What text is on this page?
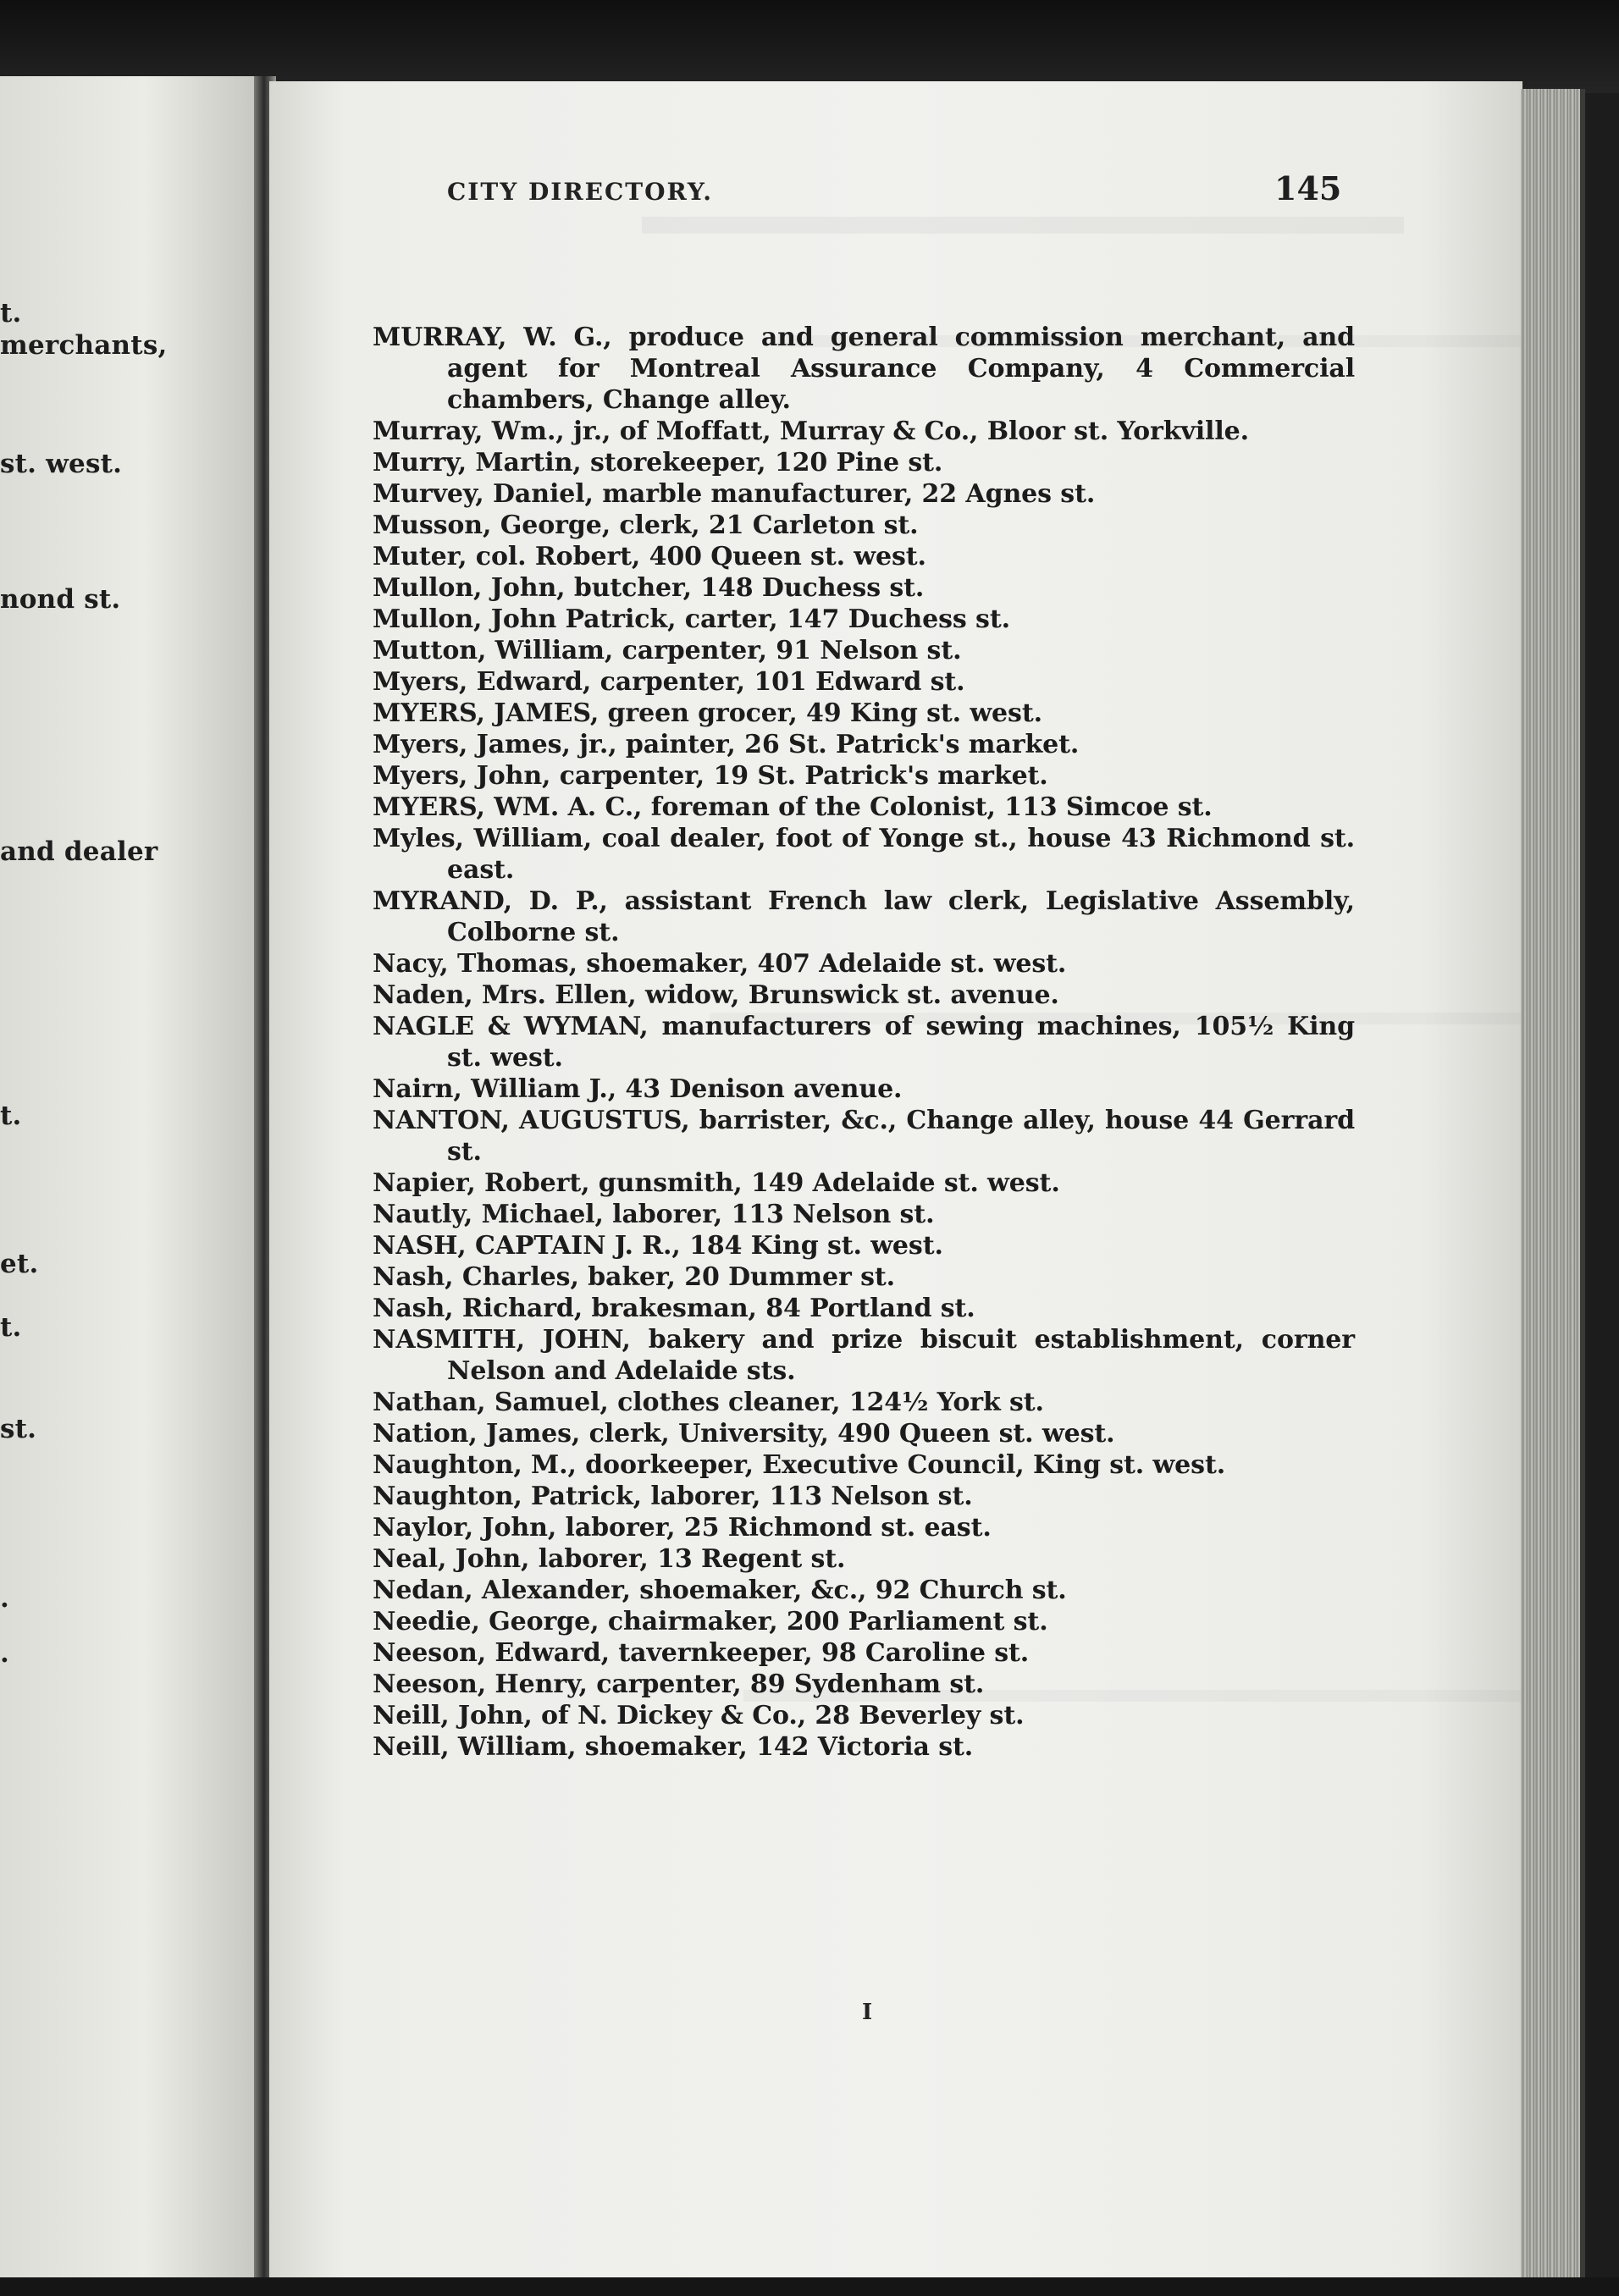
t.
merchants,
st. west.
nond st.
and dealer
t.
et.
t.
st.
.
.
CITY DIRECTORY.	145

MURRAY, W. G., produce and general commission merchant, and agent for Montreal Assurance Company, 4 Commercial chambers, Change alley.

Murray, Wm., jr., of Moffatt, Murray & Co., Bloor st. Yorkville.

Murry, Martin, storekeeper, 120 Pine st.

Murvey, Daniel, marble manufacturer, 22 Agnes st.

Musson, George, clerk, 21 Carleton st.

Muter, col. Robert, 400 Queen st. west.

Mullon, John, butcher, 148 Duchess st.

Mullon, John Patrick, carter, 147 Duchess st.

Mutton, William, carpenter, 91 Nelson st.

Myers, Edward, carpenter, 101 Edward st.

MYERS, JAMES, green grocer, 49 King st. west.

Myers, James, jr., painter, 26 St. Patrick's market.

Myers, John, carpenter, 19 St. Patrick's market.

MYERS, WM. A. C., foreman of the Colonist, 113 Simcoe st.

Myles, William, coal dealer, foot of Yonge st., house 43 Richmond st. east.

MYRAND, D. P., assistant French law clerk, Legislative Assembly, Colborne st.

Nacy, Thomas, shoemaker, 407 Adelaide st. west.

Naden, Mrs. Ellen, widow, Brunswick st. avenue.

NAGLE & WYMAN, manufacturers of sewing machines, 105½ King st. west.

Nairn, William J., 43 Denison avenue.

NANTON, AUGUSTUS, barrister, &c., Change alley, house 44 Gerrard st.

Napier, Robert, gunsmith, 149 Adelaide st. west.

Nautly, Michael, laborer, 113 Nelson st.

NASH, CAPTAIN J. R., 184 King st. west.

Nash, Charles, baker, 20 Dummer st.

Nash, Richard, brakesman, 84 Portland st.

NASMITH, JOHN, bakery and prize biscuit establishment, corner Nelson and Adelaide sts.

Nathan, Samuel, clothes cleaner, 124½ York st.

Nation, James, clerk, University, 490 Queen st. west.

Naughton, M., doorkeeper, Executive Council, King st. west.

Naughton, Patrick, laborer, 113 Nelson st.

Naylor, John, laborer, 25 Richmond st. east.

Neal, John, laborer, 13 Regent st.

Nedan, Alexander, shoemaker, &c., 92 Church st.

Needie, George, chairmaker, 200 Parliament st.

Neeson, Edward, tavernkeeper, 98 Caroline st.

Neeson, Henry, carpenter, 89 Sydenham st.

Neill, John, of N. Dickey & Co., 28 Beverley st.

Neill, William, shoemaker, 142 Victoria st.

I
